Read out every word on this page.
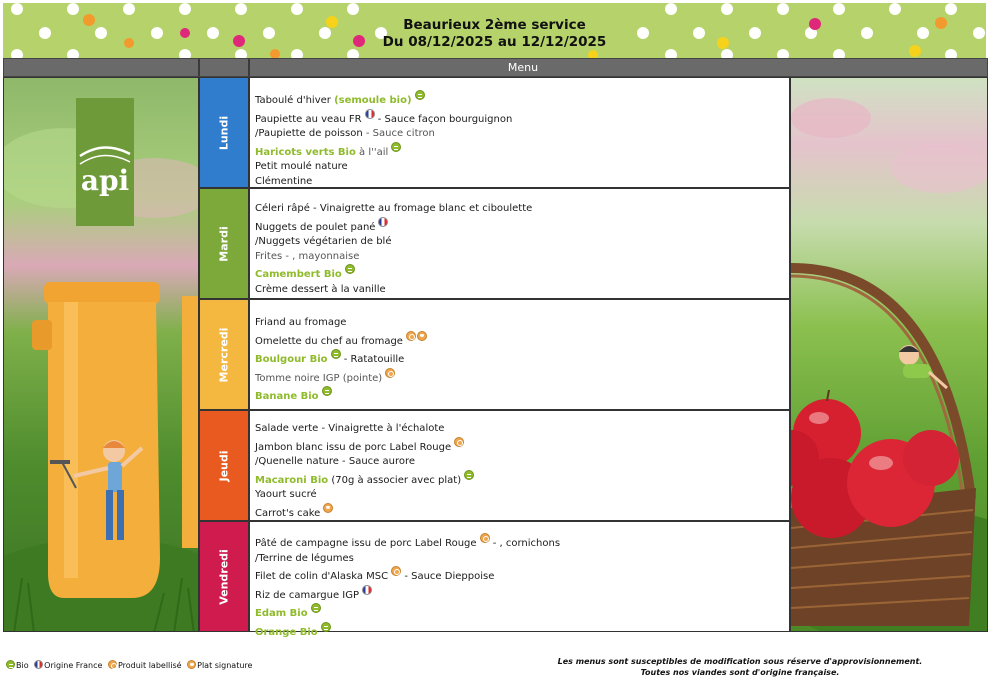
Beaurieux 2ème service
Du 08/12/2025 au 12/12/2025
Menu
api
Lundi
Mardi
Mercredi
Jeudi
Vendredi
Taboulé d'hiver (semoule bio)
Paupiette au veau FR - Sauce façon bourguignon
/Paupiette de poisson - Sauce citron
Haricots verts Bio à l''ail
Petit moulé nature
Clémentine
Céleri râpé - Vinaigrette au fromage blanc et ciboulette
Nuggets de poulet pané
/Nuggets végétarien de blé
Frites - , mayonnaise
Camembert Bio
Crème dessert à la vanille
Friand au fromage
Omelette du chef au fromage
Boulgour Bio - Ratatouille
Tomme noire IGP (pointe)
Banane Bio
Salade verte - Vinaigrette à l'échalote
Jambon blanc issu de porc Label Rouge
/Quenelle nature - Sauce aurore
Macaroni Bio (70g à associer avec plat)
Yaourt sucré
Carrot's cake
Pâté de campagne issu de porc Label Rouge - , cornichons
/Terrine de légumes
Filet de colin d'Alaska MSC - Sauce Dieppoise
Riz de camargue IGP
Edam Bio
Orange Bio
Bio Origine France Produit labellisé Plat signature	Les menus sont susceptibles de modification sous réserve d'approvisionnement.
Toutes nos viandes sont d'origine française.
